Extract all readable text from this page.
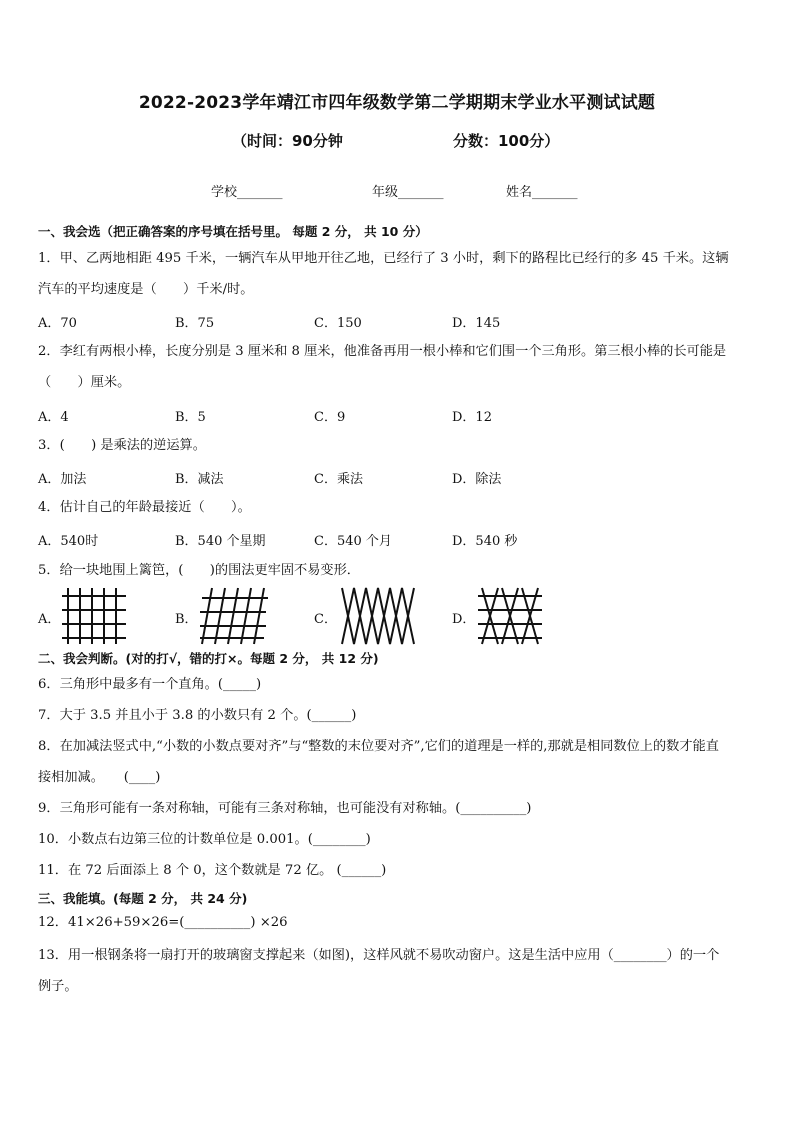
2022-2023学年靖江市四年级数学第二学期期末学业水平测试试题
（时间：90分钟	分数：100分）
学校_______	年级_______	姓名_______
一、我会选（把正确答案的序号填在括号里。 每题 2 分， 共 10 分）
1．甲、乙两地相距 495 千米，一辆汽车从甲地开往乙地，已经行了 3 小时，剩下的路程比已经行的多 45 千米。这辆
汽车的平均速度是（　　）千米/时。
A．70	B．75	C．150	D．145
2．李红有两根小棒，长度分别是 3 厘米和 8 厘米，他准备再用一根小棒和它们围一个三角形。第三根小棒的长可能是
（　　）厘米。
A．4	B．5	C．9	D．12
3．(　　) 是乘法的逆运算。
A．加法	B．减法	C．乘法	D．除法
4．估计自己的年龄最接近（　　）。
A．540时	B．540 个星期	C．540 个月	D．540 秒
5．给一块地围上篱笆，(　　)的围法更牢固不易变形．
A．	B．	C．	D．
二、我会判断。(对的打√，错的打×。每题 2 分， 共 12 分)
6．三角形中最多有一个直角。(_____)
7．大于 3.5 并且小于 3.8 的小数只有 2 个。(______)
8．在加减法竖式中,“小数的小数点要对齐”与“整数的末位要对齐”,它们的道理是一样的,那就是相同数位上的数才能直
接相加减。　　(____)
9．三角形可能有一条对称轴，可能有三条对称轴，也可能没有对称轴。(__________)
10．小数点右边第三位的计数单位是 0.001。(________)
11．在 72 后面添上 8 个 0，这个数就是 72 亿。 (______)
三、我能填。(每题 2 分， 共 24 分)
12．41×26+59×26=(__________) ×26
13．用一根钢条将一扇打开的玻璃窗支撑起来（如图)，这样风就不易吹动窗户。这是生活中应用（________）的一个
例子。
